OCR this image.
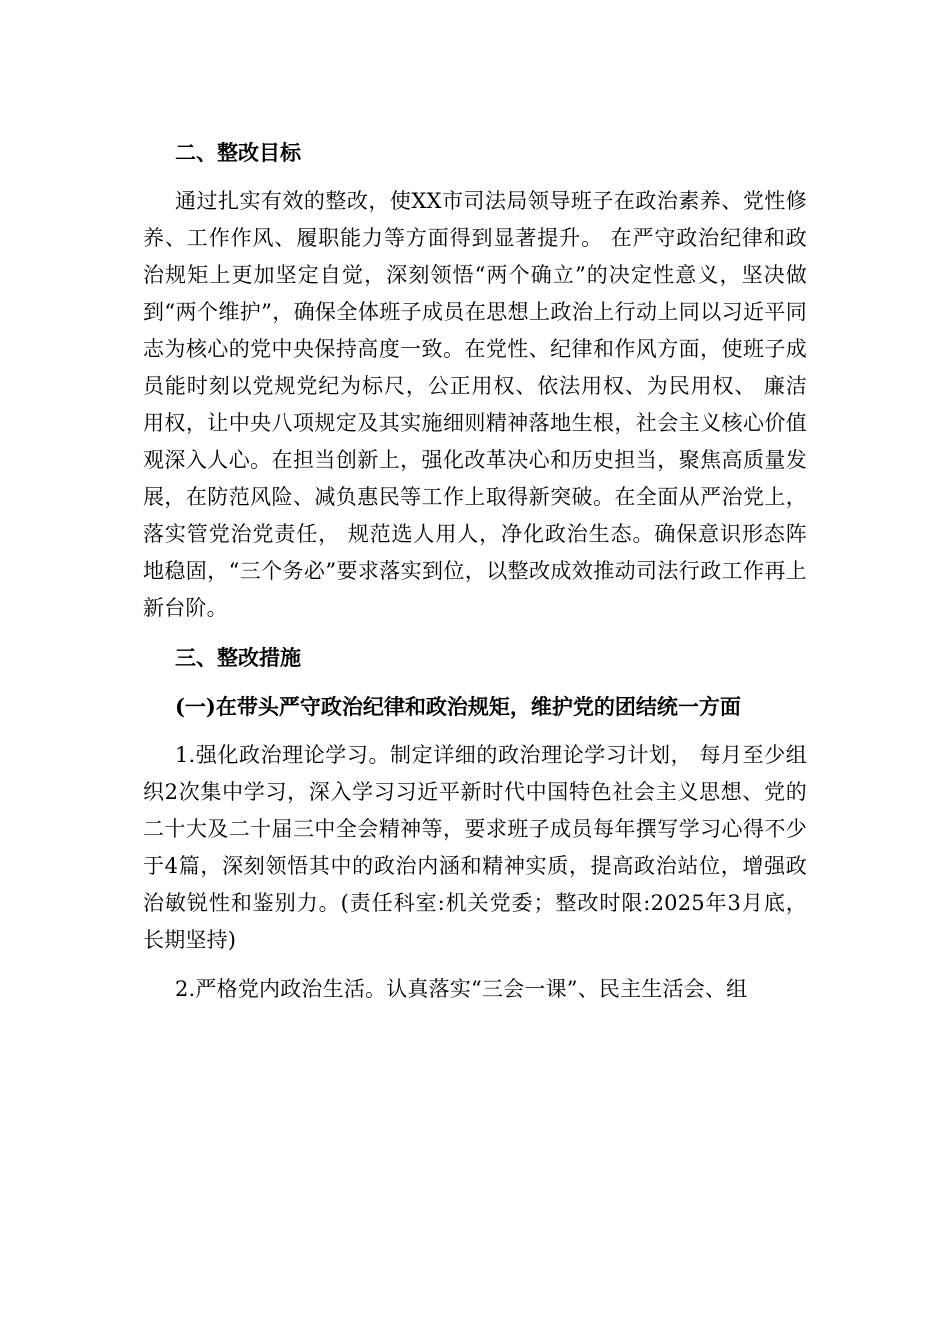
二、整改目标

通过扎实有效的整改，使XX市司法局领导班子在政治素养、党性修养、工作作风、履职能力等方面得到显著提升。 在严守政治纪律和政治规矩上更加坚定自觉，深刻领悟“两个确立”的决定性意义，坚决做到“两个维护”，确保全体班子成员在思想上政治上行动上同以习近平同志为核心的党中央保持高度一致。在党性、纪律和作风方面，使班子成员能时刻以党规党纪为标尺，公正用权、依法用权、为民用权、 廉洁用权，让中央八项规定及其实施细则精神落地生根，社会主义核心价值观深入人心。在担当创新上，强化改革决心和历史担当，聚焦高质量发展，在防范风险、减负惠民等工作上取得新突破。在全面从严治党上，落实管党治党责任， 规范选人用人，净化政治生态。确保意识形态阵地稳固，“三个务必”要求落实到位，以整改成效推动司法行政工作再上新台阶。

三、整改措施

(一)在带头严守政治纪律和政治规矩，维护党的团结统一方面

1.强化政治理论学习。制定详细的政治理论学习计划， 每月至少组织2次集中学习，深入学习习近平新时代中国特色社会主义思想、党的二十大及二十届三中全会精神等，要求班子成员每年撰写学习心得不少于4篇，深刻领悟其中的政治内涵和精神实质，提高政治站位，增强政治敏锐性和鉴别力。(责任科室:机关党委；整改时限:2025年3月底， 长期坚持)

2.严格党内政治生活。认真落实“三会一课”、民主生活会、组
